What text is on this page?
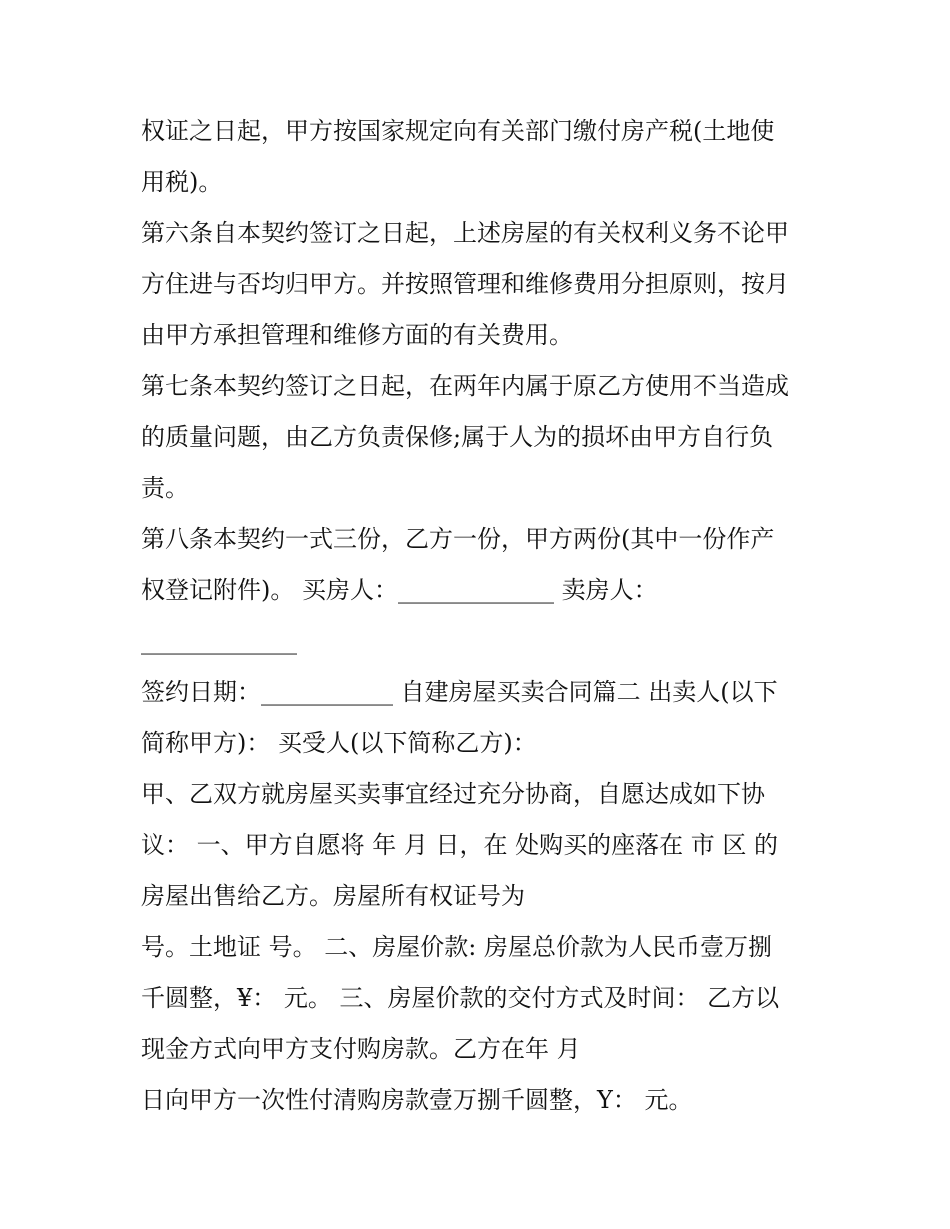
权证之日起，甲方按国家规定向有关部门缴付房产税(土地使
用税)。
第六条自本契约签订之日起，上述房屋的有关权利义务不论甲
方住进与否均归甲方。并按照管理和维修费用分担原则，按月
由甲方承担管理和维修方面的有关费用。
第七条本契约签订之日起，在两年内属于原乙方使用不当造成
的质量问题，由乙方负责保修;属于人为的损坏由甲方自行负
责。
第八条本契约一式三份，乙方一份，甲方两份(其中一份作产
权登记附件)。 买房人：_____________ 卖房人：
_____________
签约日期：___________ 自建房屋买卖合同篇二 出卖人(以下
简称甲方)： 买受人(以下简称乙方)：
甲、乙双方就房屋买卖事宜经过充分协商，自愿达成如下协
议： 一、甲方自愿将 年 月 日，在 处购买的座落在 市 区 的
房屋出售给乙方。房屋所有权证号为
号。土地证 号。 二、房屋价款: 房屋总价款为人民币壹万捌
千圆整，¥： 元。 三、房屋价款的交付方式及时间： 乙方以
现金方式向甲方支付购房款。乙方在年 月
日向甲方一次性付清购房款壹万捌千圆整，Y： 元。
